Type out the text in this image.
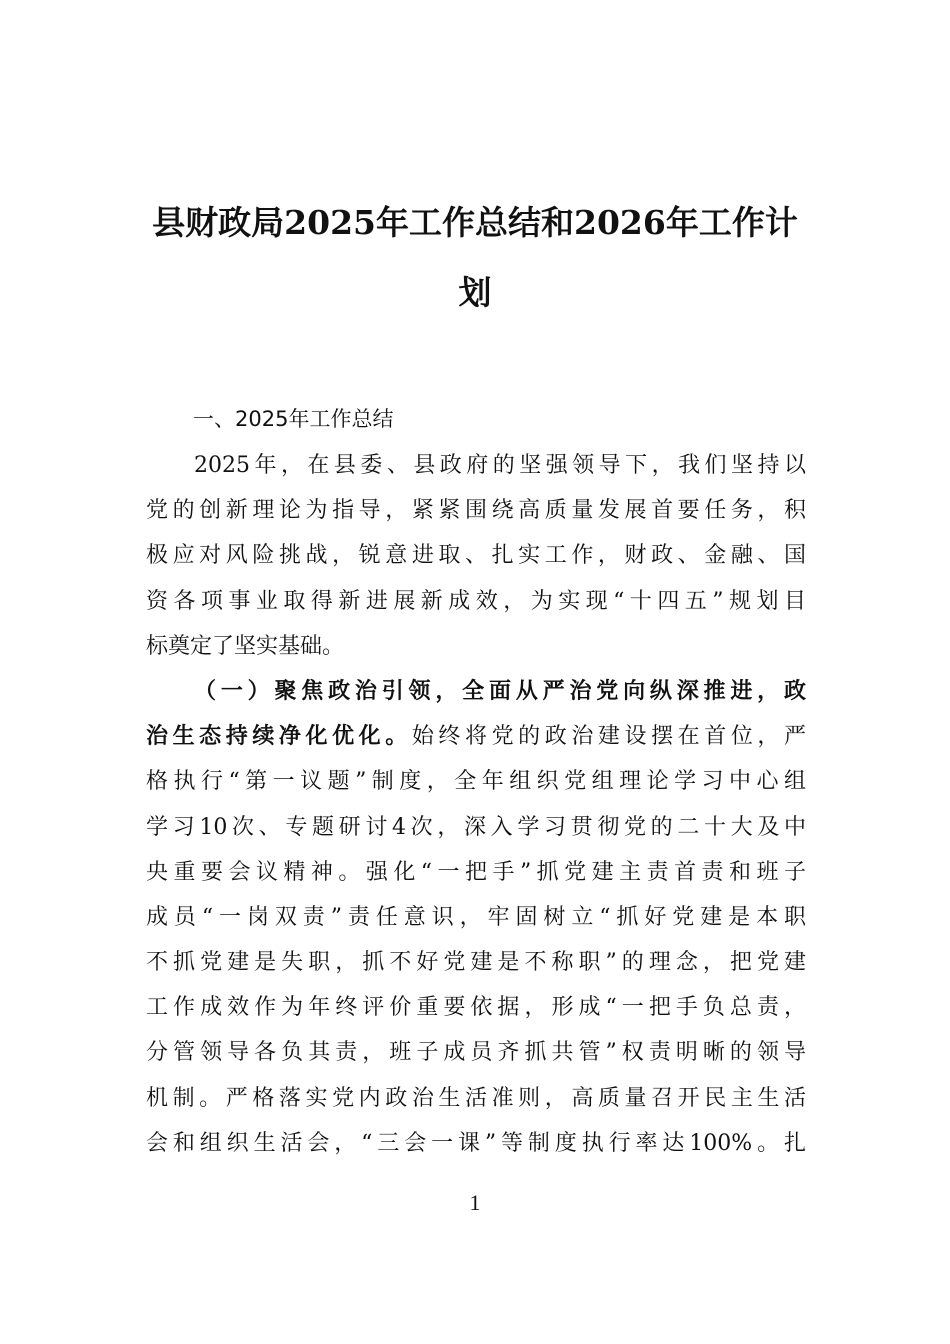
县财政局2025年工作总结和2026年工作计
划
一、2025年工作总结
2025年，在县委、县政府的坚强领导下，我们坚持以
党的创新理论为指导，紧紧围绕高质量发展首要任务，积
极应对风险挑战，锐意进取、扎实工作，财政、金融、国
资各项事业取得新进展新成效，为实现“十四五”规划目
标奠定了坚实基础。
（一）聚焦政治引领，全面从严治党向纵深推进，政
治生态持续净化优化。始终将党的政治建设摆在首位，严
格执行“第一议题”制度，全年组织党组理论学习中心组
学习10次、专题研讨4次，深入学习贯彻党的二十大及中
央重要会议精神。强化“一把手”抓党建主责首责和班子
成员“一岗双责”责任意识，牢固树立“抓好党建是本职
不抓党建是失职，抓不好党建是不称职”的理念，把党建
工作成效作为年终评价重要依据，形成“一把手负总责，
分管领导各负其责，班子成员齐抓共管”权责明晰的领导
机制。严格落实党内政治生活准则，高质量召开民主生活
会和组织生活会，“三会一课”等制度执行率达100%。扎
1
